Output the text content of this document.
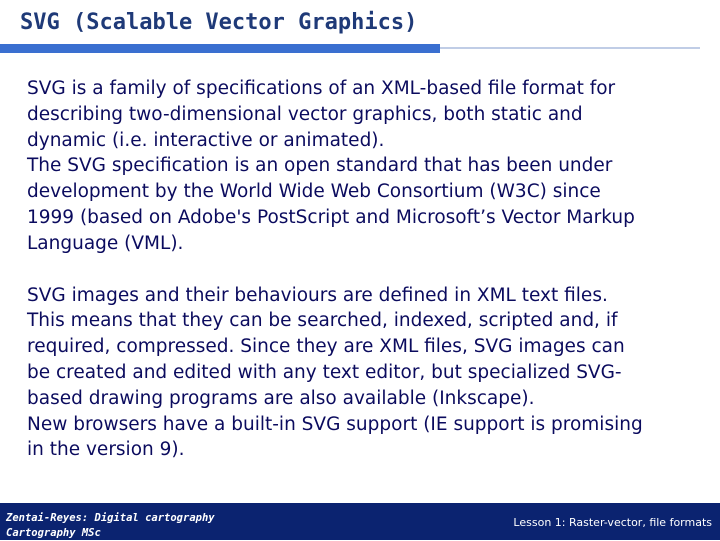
SVG (Scalable Vector Graphics)

SVG is a family of specifications of an XML-based file format for

describing two-dimensional vector graphics, both static and

dynamic (i.e. interactive or animated).

The SVG specification is an open standard that has been under

development by the World Wide Web Consortium (W3C) since

1999 (based on Adobe's PostScript and Microsoft’s Vector Markup

Language (VML).

SVG images and their behaviours are defined in XML text files.

This means that they can be searched, indexed, scripted and, if

required, compressed. Since they are XML files, SVG images can

be created and edited with any text editor, but specialized SVG-

based drawing programs are also available (Inkscape).

New browsers have a built-in SVG support (IE support is promising

in the version 9).

Zentai-Reyes: Digital cartography
Cartography MSc
Lesson 1: Raster-vector, file formats
